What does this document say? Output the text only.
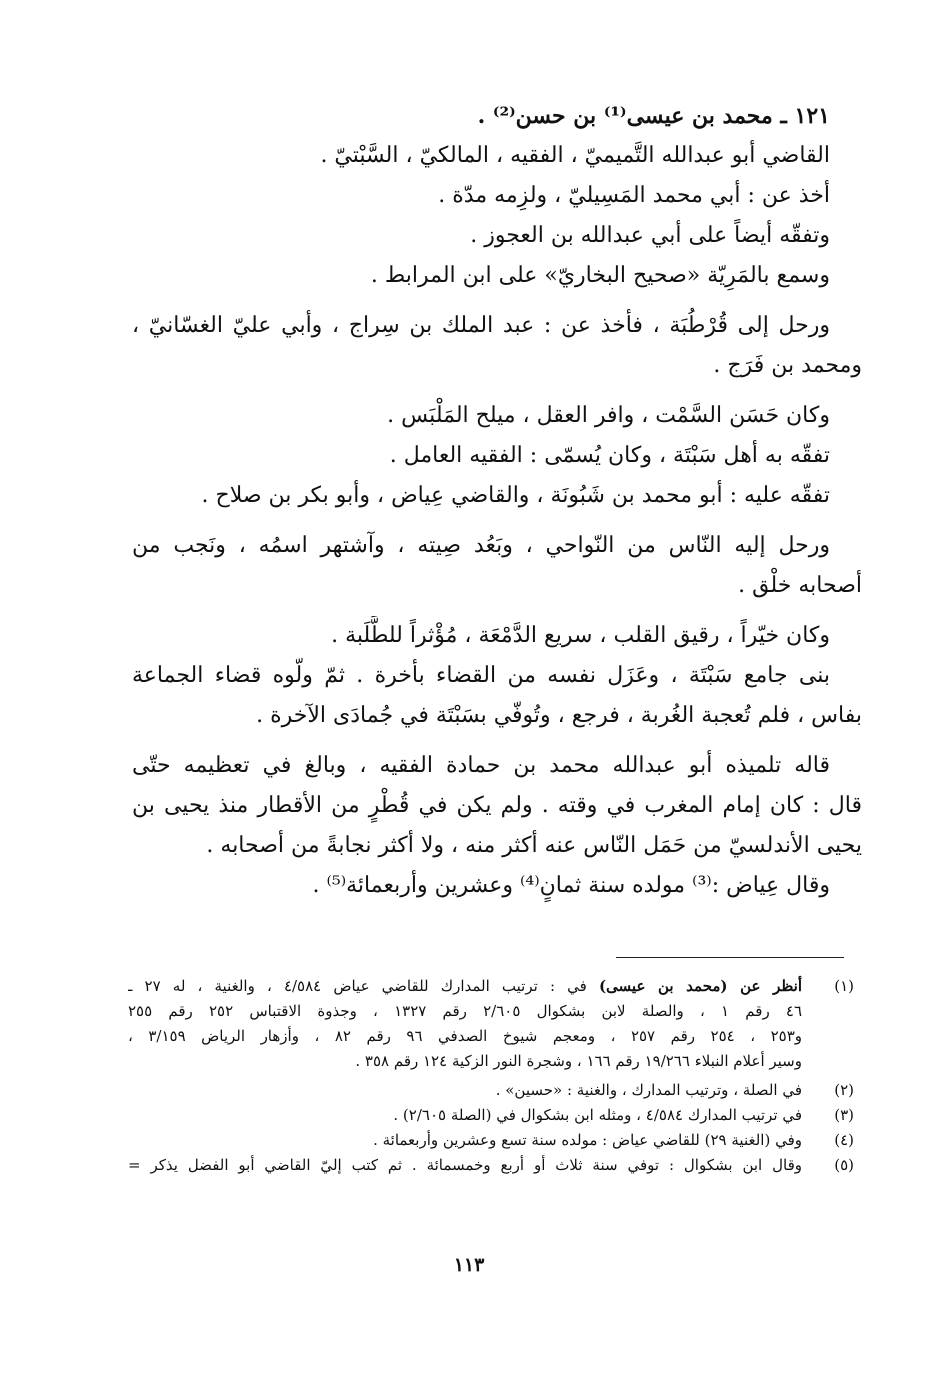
١٢١ ـ محمد بن عيسى⁽¹⁾ بن حسن⁽²⁾ .
القاضي أبو عبدالله التَّميميّ ، الفقيه ، المالكيّ ، السَّبْتيّ .
أخذ عن : أبي محمد المَسِيليّ ، ولزِمه مدّة .
وتفقّه أيضاً على أبي عبدالله بن العجوز .
وسمع بالمَرِيّة «صحيح البخاريّ» على ابن المرابط .
ورحل إلى قُرْطُبَة ، فأخذ عن : عبد الملك بن سِراج ، وأبي عليّ الغسّانيّ ،
ومحمد بن فَرَج .
وكان حَسَن السَّمْت ، وافر العقل ، ميلح المَلْبَس .
تفقّه به أهل سَبْتَة ، وكان يُسمّى : الفقيه العامل .
تفقّه عليه : أبو محمد بن شَبُونَة ، والقاضي عِياض ، وأبو بكر بن صلاح .
ورحل إليه النّاس من النّواحي ، وبَعُد صِيته ، وآشتهر اسمُه ، ونَجب من
أصحابه خلْق .
وكان خيّراً ، رقيق القلب ، سريع الدَّمْعَة ، مُؤْثراً للطَّلَبة .
بنى جامع سَبْتَة ، وعَزَل نفسه من القضاء بأخرة . ثمّ ولّوه قضاء الجماعة
بفاس ، فلم تُعجبة الغُربة ، فرجع ، وتُوفّي بسَبْتَة في جُمادَى الآخرة .
قاله تلميذه أبو عبدالله محمد بن حمادة الفقيه ، وبالغ في تعظيمه حتّى
قال : كان إمام المغرب في وقته . ولم يكن في قُطْرٍ من الأقطار منذ يحيى بن
يحيى الأندلسيّ من حَمَل النّاس عنه أكثر منه ، ولا أكثر نجابةً من أصحابه .
وقال عِياض :⁽³⁾ مولده سنة ثمانٍ⁽⁴⁾ وعشرين وأربعمائة⁽⁵⁾ .
(١)
أنظر عن (محمد بن عيسى) في : ترتيب المدارك للقاضي عياض ٤/٥٨٤ ، والغنية ، له ٢٧ ـ
٤٦ رقم ١ ، والصلة لابن بشكوال ٢/٦٠٥ رقم ١٣٢٧ ، وجذوة الاقتباس ٢٥٢ رقم ٢٥٥
و٢٥٣ ، ٢٥٤ رقم ٢٥٧ ، ومعجم شيوخ الصدفي ٩٦ رقم ٨٢ ، وأزهار الرياض ٣/١٥٩ ،
وسير أعلام النبلاء ١٩/٢٦٦ رقم ١٦٦ ، وشجرة النور الزكية ١٢٤ رقم ٣٥٨ .
(٢)
في الصلة ، وترتيب المدارك ، والغنية : «حسين» .
(٣)
في ترتيب المدارك ٤/٥٨٤ ، ومثله ابن بشكوال في (الصلة ٢/٦٠٥) .
(٤)
وفي (الغنية ٢٩) للقاضي عياض : مولده سنة تسع وعشرين وأربعمائة .
(٥)
وقال ابن بشكوال : توفي سنة ثلاث أو أربع وخمسمائة . ثم كتب إليّ القاضي أبو الفضل يذكر =
١١٣
